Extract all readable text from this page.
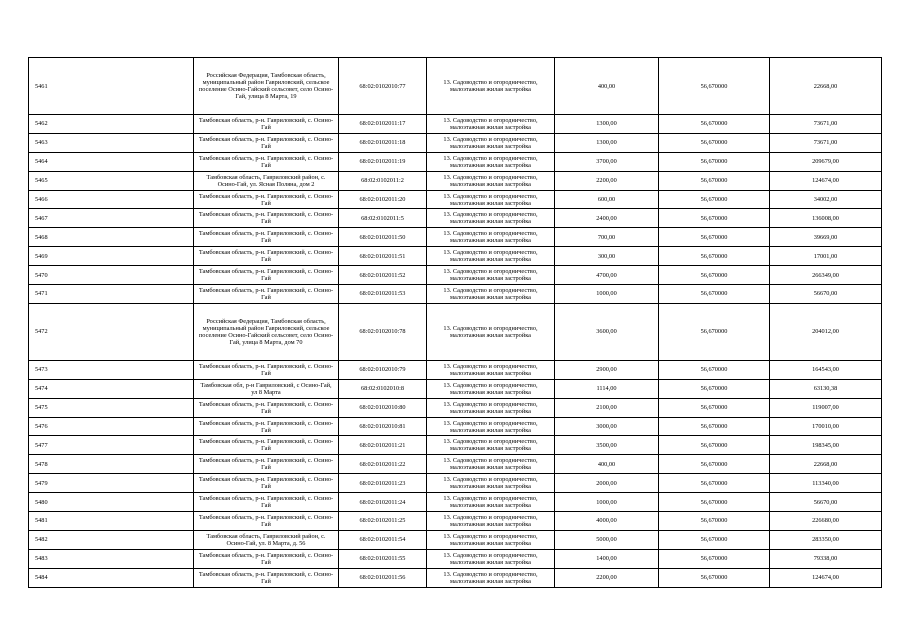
5461	Российская Федерация, Тамбовская область, муниципальный район Гавриловский, сельское поселение Осино-Гайский сельсовет, село Осино-Гай, улица 8 Марта, 19	68:02:0102010:77	13. Садоводство и огородничество, малоэтажная жилая застройка	400,00	56,670000	22668,00
5462	Тамбовская область, р-н. Гавриловский, с. Осино-Гай	68:02:0102011:17	13. Садоводство и огородничество, малоэтажная жилая застройка	1300,00	56,670000	73671,00
5463	Тамбовская область, р-н. Гавриловский, с. Осино-Гай	68:02:0102011:18	13. Садоводство и огородничество, малоэтажная жилая застройка	1300,00	56,670000	73671,00
5464	Тамбовская область, р-н. Гавриловский, с. Осино-Гай	68:02:0102011:19	13. Садоводство и огородничество, малоэтажная жилая застройка	3700,00	56,670000	209679,00
5465	Тамбовская область, Гавриловский район, с. Осино-Гай, ул. Ясная Поляна, дом 2	68:02:0102011:2	13. Садоводство и огородничество, малоэтажная жилая застройка	2200,00	56,670000	124674,00
5466	Тамбовская область, р-н. Гавриловский, с. Осино-Гай	68:02:0102011:20	13. Садоводство и огородничество, малоэтажная жилая застройка	600,00	56,670000	34002,00
5467	Тамбовская область, р-н. Гавриловский, с. Осино-Гай	68:02:0102011:5	13. Садоводство и огородничество, малоэтажная жилая застройка	2400,00	56,670000	136008,00
5468	Тамбовская область, р-н. Гавриловский, с. Осино-Гай	68:02:0102011:50	13. Садоводство и огородничество, малоэтажная жилая застройка	700,00	56,670000	39669,00
5469	Тамбовская область, р-н. Гавриловский, с. Осино-Гай	68:02:0102011:51	13. Садоводство и огородничество, малоэтажная жилая застройка	300,00	56,670000	17001,00
5470	Тамбовская область, р-н. Гавриловский, с. Осино-Гай	68:02:0102011:52	13. Садоводство и огородничество, малоэтажная жилая застройка	4700,00	56,670000	266349,00
5471	Тамбовская область, р-н. Гавриловский, с. Осино-Гай	68:02:0102011:53	13. Садоводство и огородничество, малоэтажная жилая застройка	1000,00	56,670000	56670,00
5472	Российская Федерация, Тамбовская область, муниципальный район Гавриловский, сельское поселение Осино-Гайский сельсовет, село Осино-Гай, улица 8 Марта, дом 70	68:02:0102010:78	13. Садоводство и огородничество, малоэтажная жилая застройка	3600,00	56,670000	204012,00
5473	Тамбовская область, р-н. Гавриловский, с. Осино-Гай	68:02:0102010:79	13. Садоводство и огородничество, малоэтажная жилая застройка	2900,00	56,670000	164543,00
5474	Тамбовская обл, р-н Гавриловский, с Осино-Гай, ул 8 Марта	68:02:0102010:8	13. Садоводство и огородничество, малоэтажная жилая застройка	1114,00	56,670000	63130,38
5475	Тамбовская область, р-н. Гавриловский, с. Осино-Гай	68:02:0102010:80	13. Садоводство и огородничество, малоэтажная жилая застройка	2100,00	56,670000	119007,00
5476	Тамбовская область, р-н. Гавриловский, с. Осино-Гай	68:02:0102010:81	13. Садоводство и огородничество, малоэтажная жилая застройка	3000,00	56,670000	170010,00
5477	Тамбовская область, р-н. Гавриловский, с. Осино-Гай	68:02:0102011:21	13. Садоводство и огородничество, малоэтажная жилая застройка	3500,00	56,670000	198345,00
5478	Тамбовская область, р-н. Гавриловский, с. Осино-Гай	68:02:0102011:22	13. Садоводство и огородничество, малоэтажная жилая застройка	400,00	56,670000	22668,00
5479	Тамбовская область, р-н. Гавриловский, с. Осино-Гай	68:02:0102011:23	13. Садоводство и огородничество, малоэтажная жилая застройка	2000,00	56,670000	113340,00
5480	Тамбовская область, р-н. Гавриловский, с. Осино-Гай	68:02:0102011:24	13. Садоводство и огородничество, малоэтажная жилая застройка	1000,00	56,670000	56670,00
5481	Тамбовская область, р-н. Гавриловский, с. Осино-Гай	68:02:0102011:25	13. Садоводство и огородничество, малоэтажная жилая застройка	4000,00	56,670000	226680,00
5482	Тамбовская область, Гавриловский район, с. Осино-Гай, ул. 8 Марта, д. 56	68:02:0102011:54	13. Садоводство и огородничество, малоэтажная жилая застройка	5000,00	56,670000	283350,00
5483	Тамбовская область, р-н. Гавриловский, с. Осино-Гай	68:02:0102011:55	13. Садоводство и огородничество, малоэтажная жилая застройка	1400,00	56,670000	79338,00
5484	Тамбовская область, р-н. Гавриловский, с. Осино-Гай	68:02:0102011:56	13. Садоводство и огородничество, малоэтажная жилая застройка	2200,00	56,670000	124674,00
